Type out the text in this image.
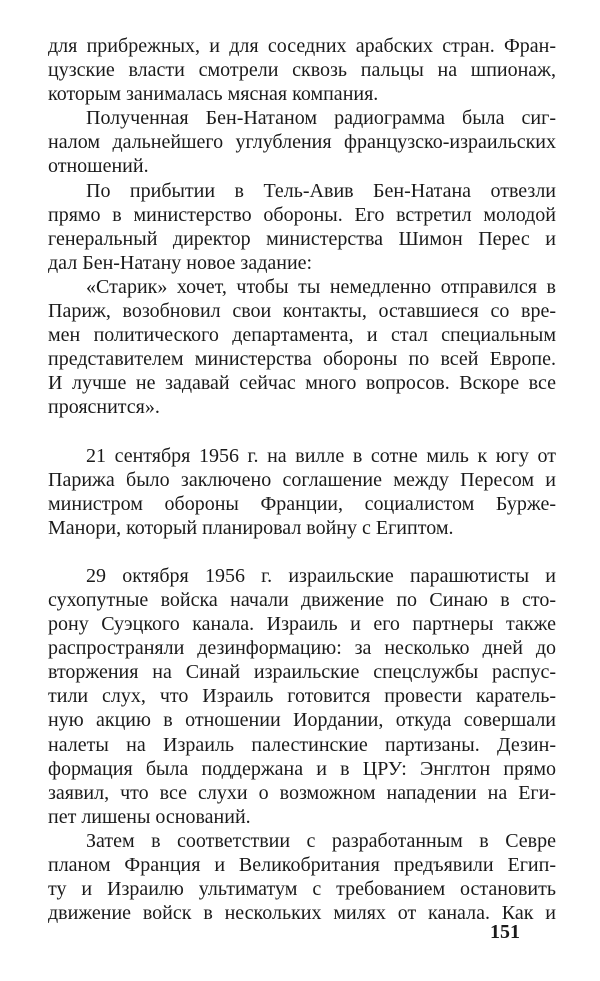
для прибрежных, и для соседних арабских стран. Фран-
цузские власти смотрели сквозь пальцы на шпионаж,
которым занималась мясная компания.

Полученная Бен-Натаном радиограмма была сиг-
налом дальнейшего углубления французско-израильских
отношений.

По прибытии в Тель-Авив Бен-Натана отвезли
прямо в министерство обороны. Его встретил молодой
генеральный директор министерства Шимон Перес и
дал Бен-Натану новое задание:

«Старик» хочет, чтобы ты немедленно отправился в
Париж, возобновил свои контакты, оставшиеся со вре-
мен политического департамента, и стал специальным
представителем министерства обороны по всей Европе.
И лучше не задавай сейчас много вопросов. Вскоре все
прояснится».

21 сентября 1956 г. на вилле в сотне миль к югу от
Парижа было заключено соглашение между Пересом и
министром обороны Франции, социалистом Бурже-
Манори, который планировал войну с Египтом.

29 октября 1956 г. израильские парашютисты и
сухопутные войска начали движение по Синаю в сто-
рону Суэцкого канала. Израиль и его партнеры также
распространяли дезинформацию: за несколько дней до
вторжения на Синай израильские спецслужбы распус-
тили слух, что Израиль готовится провести каратель-
ную акцию в отношении Иордании, откуда совершали
налеты на Израиль палестинские партизаны. Дезин-
формация была поддержана и в ЦРУ: Энглтон прямо
заявил, что все слухи о возможном нападении на Еги-
пет лишены оснований.

Затем в соответствии с разработанным в Севре
планом Франция и Великобритания предъявили Егип-
ту и Израилю ультиматум с требованием остановить
движение войск в нескольких милях от канала. Как и

151
